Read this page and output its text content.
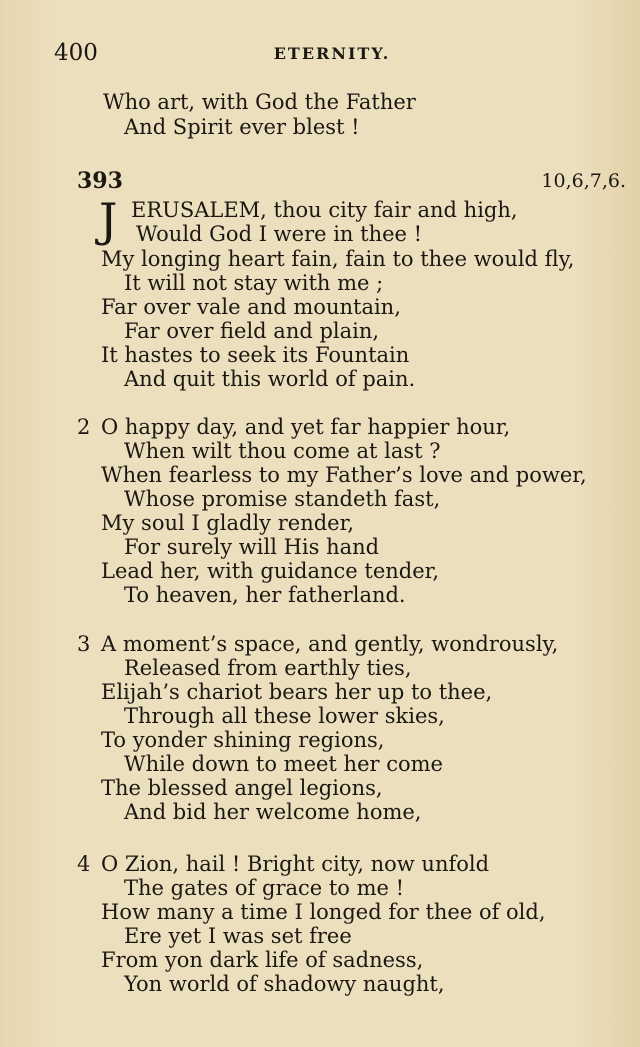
400	ETERNITY.
Who art, with God the Father
And Spirit ever blest !
393	10,6,7,6.
J ERUSALEM, thou city fair and high,
Would God I were in thee !
My longing heart fain, fain to thee would fly,
It will not stay with me ;
Far over vale and mountain,
Far over field and plain,
It hastes to seek its Fountain
And quit this world of pain.
2 O happy day, and yet far happier hour,
When wilt thou come at last ?
When fearless to my Father’s love and power,
Whose promise standeth fast,
My soul I gladly render,
For surely will His hand
Lead her, with guidance tender,
To heaven, her fatherland.
3 A moment’s space, and gently, wondrously,
Released from earthly ties,
Elijah’s chariot bears her up to thee,
Through all these lower skies,
To yonder shining regions,
While down to meet her come
The blessed angel legions,
And bid her welcome home,
4 O Zion, hail ! Bright city, now unfold
The gates of grace to me !
How many a time I longed for thee of old,
Ere yet I was set free
From yon dark life of sadness,
Yon world of shadowy naught,
